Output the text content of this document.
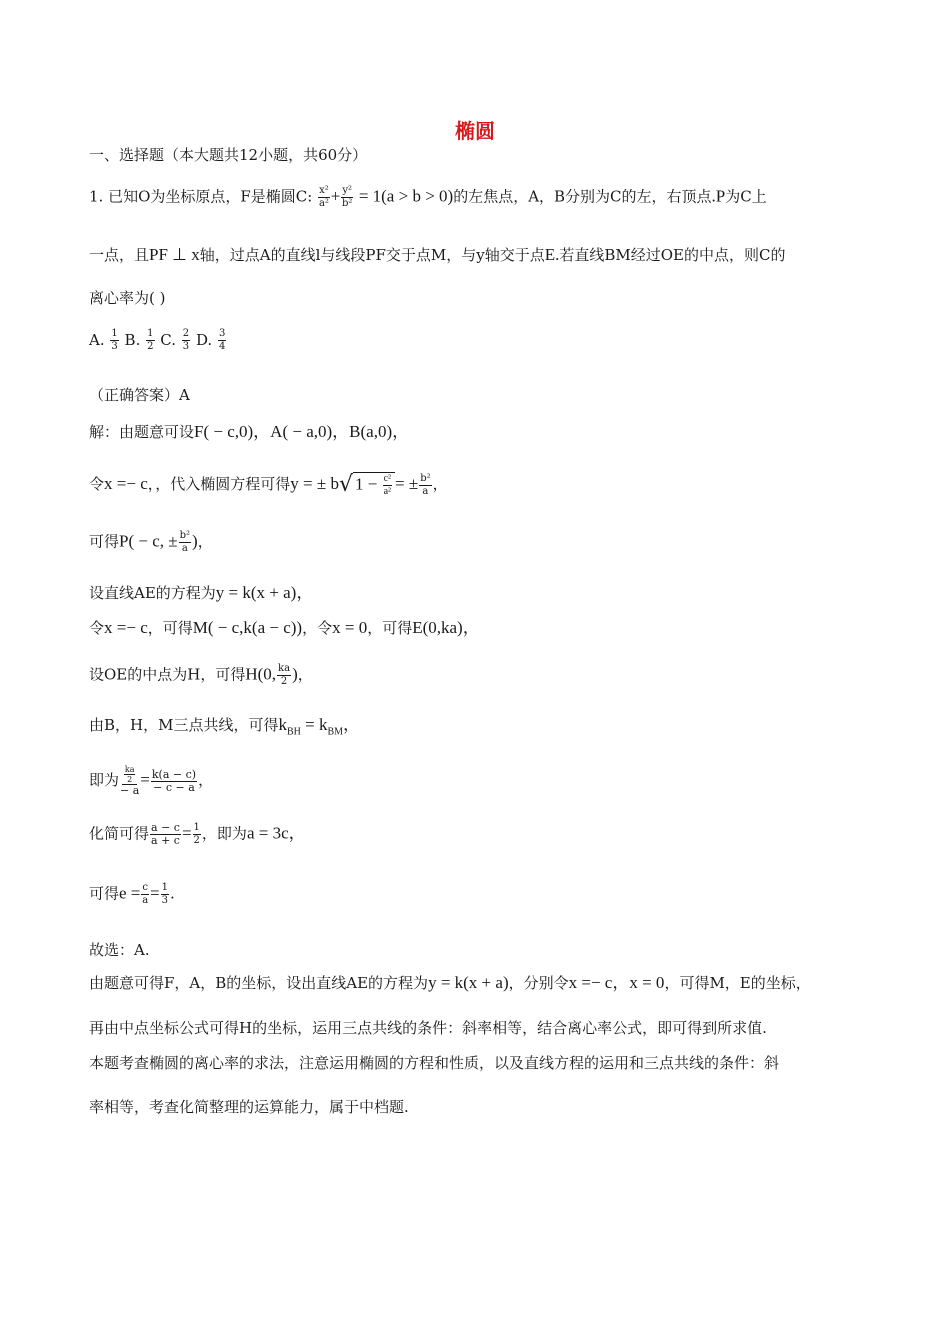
椭圆
一、选择题（本大题共12小题，共60分）
1. 已知O为坐标原点，F是椭圆C: $\frac{\text{x²}}{\text{a²}} + \frac{\text{y²}}{\text{b²}} = 1(a > b > 0)$的左焦点，A，B分别为C的左，右顶点.P为C上
一点，且PF ⊥ x轴，过点A的直线l与线段PF交于点M，与y轴交于点E.若直线BM经过OE的中点，则C的
离心率为( )
A. $\frac{1}{3} B$. $\frac{1}{2} C$. $\frac{2}{3} D$. $\frac{3}{4}$
（正确答案）A
解：由题意可设F( − c,0)，A( − a,0)，B(a,0)，
令x =− c，，代入椭圆方程可得y = ± b√ $1 - \frac{\text{c²}}{\text{a²}}$ = ± $\frac{\text{b²}}{a}$ ，
可得P( − c, ± $\frac{\text{b²}}{a}$ )，
设直线AE的方程为y = k(x + a)，
令x =− c，可得M( − c,k(a − c))，令x = 0，可得E(0,ka)，
设OE的中点为H，可得H(0, $\frac{ka}{2}$ )，
由B，H，M三点共线，可得$k_{BH} = k_{BM}$，
即为 $\frac{\frac{ka}{2}}{- a} = \frac{k(a - c)}{- c - a}$ ，
化简可得 $\frac{a - c}{a + c} = \frac{1}{2}$ ，即为a = 3c，
可得$e = \frac{c}{a} = \frac{1}{3}$ .
故选：A.
由题意可得F，A，B的坐标，设出直线AE的方程为y = k(x + a)，分别令x =− c，x = 0，可得M，E的坐标，
再由中点坐标公式可得H的坐标，运用三点共线的条件：斜率相等，结合离心率公式，即可得到所求值.
本题考查椭圆的离心率的求法，注意运用椭圆的方程和性质，以及直线方程的运用和三点共线的条件：斜
率相等，考查化简整理的运算能力，属于中档题.
